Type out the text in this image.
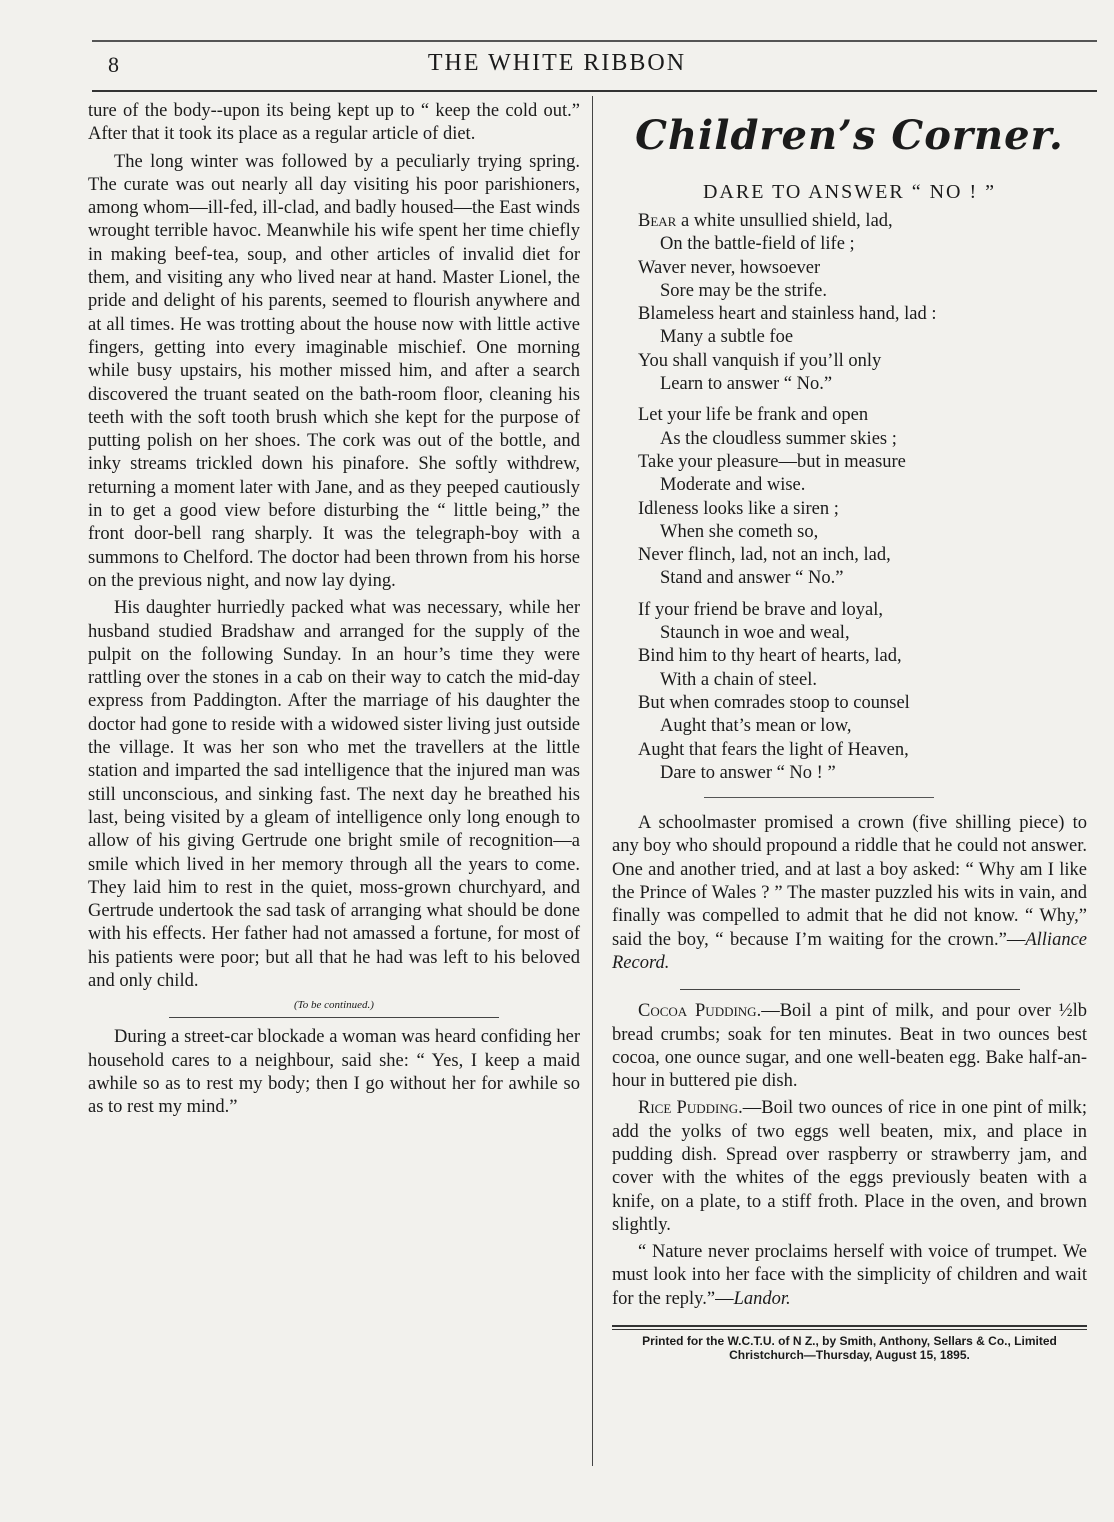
8	THE WHITE RIBBON

ture of the body--upon its being kept up to “ keep the cold out.” After that it took its place as a regular article of diet.

The long winter was followed by a peculiarly trying spring. The curate was out nearly all day visiting his poor parishioners, among whom—ill-fed, ill-clad, and badly housed—the East winds wrought terrible havoc. Meanwhile his wife spent her time chiefly in making beef-tea, soup, and other articles of invalid diet for them, and visiting any who lived near at hand. Master Lionel, the pride and delight of his parents, seemed to flourish anywhere and at all times. He was trotting about the house now with little active fingers, getting into every imaginable mischief. One morning while busy upstairs, his mother missed him, and after a search discovered the truant seated on the bath-room floor, cleaning his teeth with the soft tooth brush which she kept for the purpose of putting polish on her shoes. The cork was out of the bottle, and inky streams trickled down his pinafore. She softly withdrew, returning a moment later with Jane, and as they peeped cautiously in to get a good view before disturbing the “ little being,” the front door-bell rang sharply. It was the telegraph-boy with a summons to Chelford. The doctor had been thrown from his horse on the previous night, and now lay dying.

His daughter hurriedly packed what was necessary, while her husband studied Bradshaw and arranged for the supply of the pulpit on the following Sunday. In an hour’s time they were rattling over the stones in a cab on their way to catch the mid-day express from Paddington. After the marriage of his daughter the doctor had gone to reside with a widowed sister living just outside the village. It was her son who met the travellers at the little station and imparted the sad intelligence that the injured man was still unconscious, and sinking fast. The next day he breathed his last, being visited by a gleam of intelligence only long enough to allow of his giving Gertrude one bright smile of recognition—a smile which lived in her memory through all the years to come. They laid him to rest in the quiet, moss-grown churchyard, and Gertrude undertook the sad task of arranging what should be done with his effects. Her father had not amassed a fortune, for most of his patients were poor; but all that he had was left to his beloved and only child.

(To be continued.)

During a street-car blockade a woman was heard confiding her household cares to a neighbour, said she: “ Yes, I keep a maid awhile so as to rest my body; then I go without her for awhile so as to rest my mind.”

Children’s Corner.
DARE TO ANSWER “ NO ! ”
Bear a white unsullied shield, lad,
On the battle-field of life ;
Waver never, howsoever
Sore may be the strife.
Blameless heart and stainless hand, lad :
Many a subtle foe
You shall vanquish if you’ll only
Learn to answer “ No.”
Let your life be frank and open
As the cloudless summer skies ;
Take your pleasure—but in measure
Moderate and wise.
Idleness looks like a siren ;
When she cometh so,
Never flinch, lad, not an inch, lad,
Stand and answer “ No.”
If your friend be brave and loyal,
Staunch in woe and weal,
Bind him to thy heart of hearts, lad,
With a chain of steel.
But when comrades stoop to counsel
Aught that’s mean or low,
Aught that fears the light of Heaven,
Dare to answer “ No ! ”

A schoolmaster promised a crown (five shilling piece) to any boy who should propound a riddle that he could not answer. One and another tried, and at last a boy asked: “ Why am I like the Prince of Wales ? ” The master puzzled his wits in vain, and finally was compelled to admit that he did not know. “ Why,” said the boy, “ because I’m waiting for the crown.”—Alliance Record.

Cocoa Pudding.—Boil a pint of milk, and pour over ½lb bread crumbs; soak for ten minutes. Beat in two ounces best cocoa, one ounce sugar, and one well-beaten egg. Bake half-an-hour in buttered pie dish.

Rice Pudding.—Boil two ounces of rice in one pint of milk; add the yolks of two eggs well beaten, mix, and place in pudding dish. Spread over raspberry or strawberry jam, and cover with the whites of the eggs previously beaten with a knife, on a plate, to a stiff froth. Place in the oven, and brown slightly.

“ Nature never proclaims herself with voice of trumpet. We must look into her face with the simplicity of children and wait for the reply.”—Landor.

Printed for the W.C.T.U. of N Z., by Smith, Anthony, Sellars & Co., Limited
Christchurch—Thursday, August 15, 1895.
